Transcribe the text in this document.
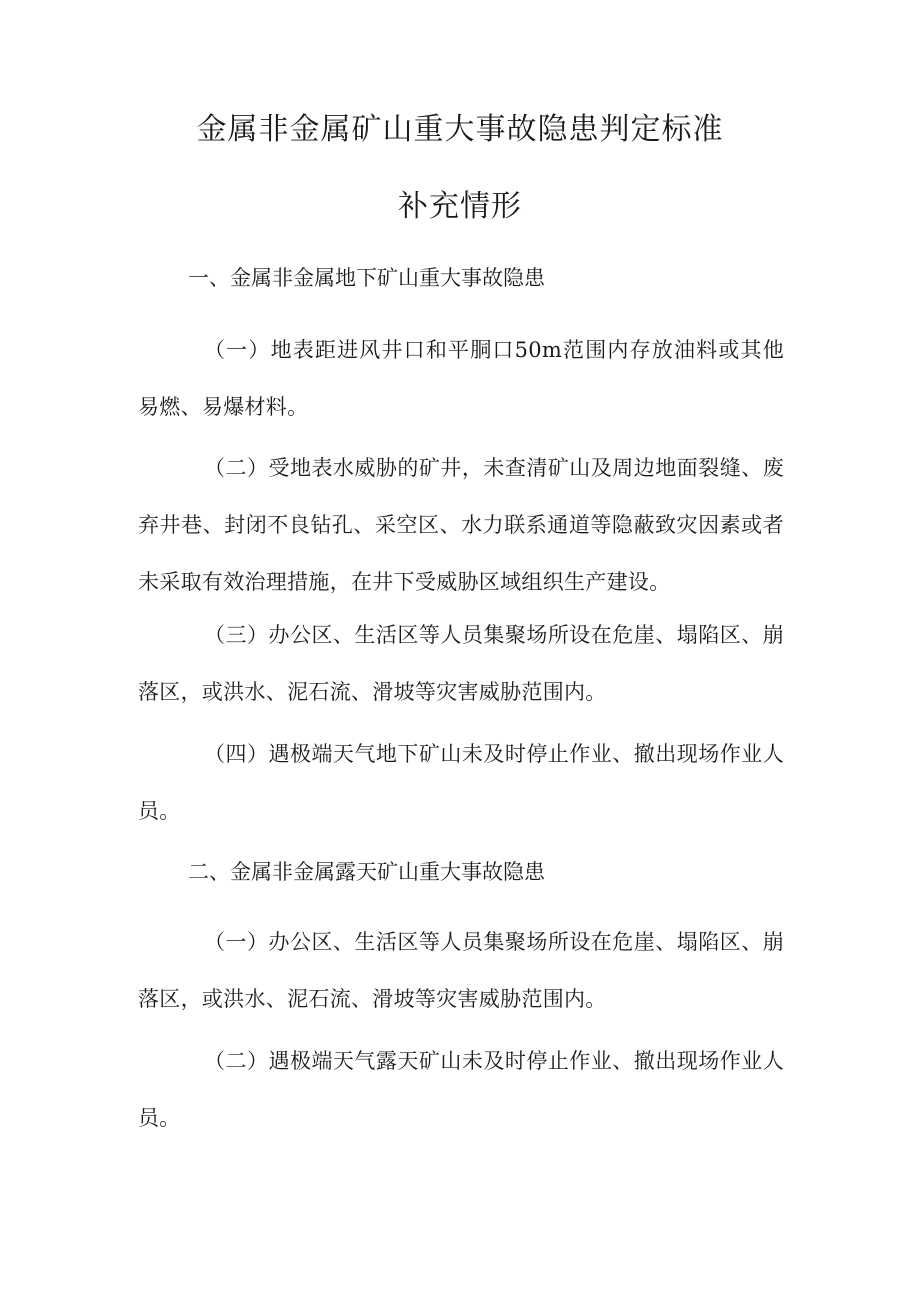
金属非金属矿山重大事故隐患判定标准
补充情形
一、金属非金属地下矿山重大事故隐患

（一）地表距进风井口和平胴口50m范围内存放油料或其他易燃、易爆材料。

（二）受地表水威胁的矿井，未查清矿山及周边地面裂缝、废弃井巷、封闭不良钻孔、采空区、水力联系通道等隐蔽致灾因素或者未采取有效治理措施，在井下受威胁区域组织生产建设。

（三）办公区、生活区等人员集聚场所设在危崖、塌陷区、崩落区，或洪水、泥石流、滑坡等灾害威胁范围内。

（四）遇极端天气地下矿山未及时停止作业、撤出现场作业人员。

二、金属非金属露天矿山重大事故隐患

（一）办公区、生活区等人员集聚场所设在危崖、塌陷区、崩落区，或洪水、泥石流、滑坡等灾害威胁范围内。

（二）遇极端天气露天矿山未及时停止作业、撤出现场作业人员。
